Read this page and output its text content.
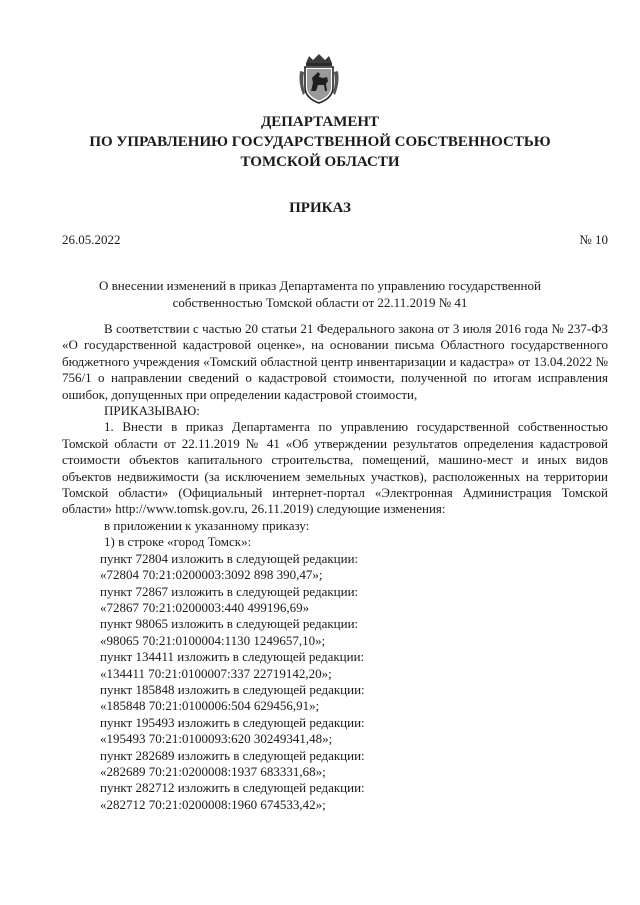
ДЕПАРТАМЕНТ
ПО УПРАВЛЕНИЮ ГОСУДАРСТВЕННОЙ СОБСТВЕННОСТЬЮ
ТОМСКОЙ ОБЛАСТИ
ПРИКАЗ
26.05.2022	№ 10
О внесении изменений в приказ Департамента по управлению государственной
собственностью Томской области от 22.11.2019 № 41

В соответствии с частью 20 статьи 21 Федерального закона от 3 июля 2016 года № 237-ФЗ «О государственной кадастровой оценке», на основании письма Областного государственного бюджетного учреждения «Томский областной центр инвентаризации и кадастра» от 13.04.2022 № 756/1 о направлении сведений о кадастровой стоимости, полученной по итогам исправления ошибок, допущенных при определении кадастровой стоимости,

ПРИКАЗЫВАЮ:

1. Внести в приказ Департамента по управлению государственной собственностью Томской области от 22.11.2019 № 41 «Об утверждении результатов определения кадастровой стоимости объектов капитального строительства, помещений, машино-мест и иных видов объектов недвижимости (за исключением земельных участков), расположенных на территории Томской области» (Официальный интернет-портал «Электронная Администрация Томской области» http://www.tomsk.gov.ru, 26.11.2019) следующие изменения:

в приложении к указанному приказу:

1) в строке «город Томск»:

пункт 72804 изложить в следующей редакции:

«72804 70:21:0200003:3092 898 390,47»;

пункт 72867 изложить в следующей редакции:

«72867 70:21:0200003:440 499196,69»

пункт 98065 изложить в следующей редакции:

«98065 70:21:0100004:1130 1249657,10»;

пункт 134411 изложить в следующей редакции:

«134411 70:21:0100007:337 22719142,20»;

пункт 185848 изложить в следующей редакции:

«185848 70:21:0100006:504 629456,91»;

пункт 195493 изложить в следующей редакции:

«195493 70:21:0100093:620 30249341,48»;

пункт 282689 изложить в следующей редакции:

«282689 70:21:0200008:1937 683331,68»;

пункт 282712 изложить в следующей редакции:

«282712 70:21:0200008:1960 674533,42»;
